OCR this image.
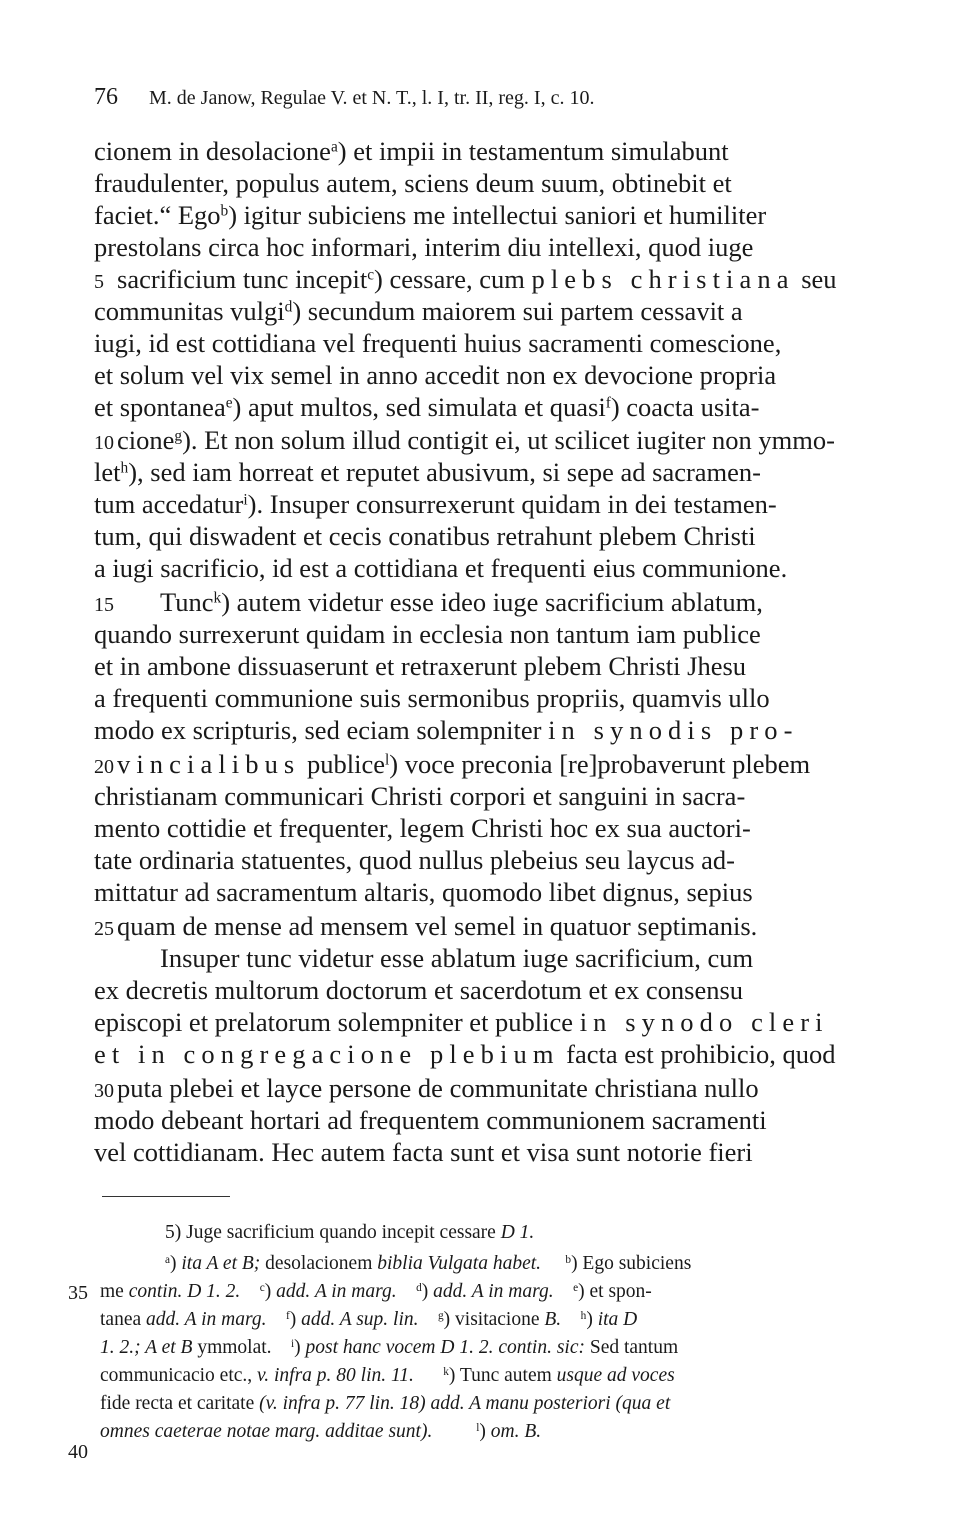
76 M. de Janow, Regulae V. et N. T., l. I, tr. II, reg. I, c. 10.
5
10
15
20
25
30
35
40
cionem in desolacione$^a$) et impii in testamentum simulabunt
fraudulenter, populus autem, sciens deum suum, obtinebit et
faciet.“ Ego$^b$) igitur subiciens me intellectui saniori et humiliter
prestolans circa hoc informari, interim diu intellexi, quod iuge
sacrificium tunc incepit$^c$) cessare, cum plebs christiana seu
communitas vulgi$^d$) secundum maiorem sui partem cessavit a
iugi, id est cottidiana vel frequenti huius sacramenti comescione,
et solum vel vix semel in anno accedit non ex devocione propria
et spontanea$^e$) aput multos, sed simulata et quasi$^f$) coacta usita-
cione$^g$). Et non solum illud contigit ei, ut scilicet iugiter non ymmo-
let$^h$), sed iam horreat et reputet abusivum, si sepe ad sacramen-
tum accedatur$^i$). Insuper consurrexerunt quidam in dei testamen-
tum, qui diswadent et cecis conatibus retrahunt plebem Christi
a iugi sacrificio, id est a cottidiana et frequenti eius communione.
Tunc$^k$) autem videtur esse ideo iuge sacrificium ablatum,
quando surrexerunt quidam in ecclesia non tantum iam publice
et in ambone dissuaserunt et retraxerunt plebem Christi Jhesu
a frequenti communione suis sermonibus propriis, quamvis ullo
modo ex scripturis, sed eciam solempniter in synodis pro-
vincialibus publice$^l$) voce preconia [re]probaverunt plebem
christianam communicari Christi corpori et sanguini in sacra-
mento cottidie et frequenter, legem Christi hoc ex sua auctori-
tate ordinaria statuentes, quod nullus plebeius seu laycus ad-
mittatur ad sacramentum altaris, quomodo libet dignus, sepius
quam de mense ad mensem vel semel in quatuor septimanis.
Insuper tunc videtur esse ablatum iuge sacrificium, cum
ex decretis multorum doctorum et sacerdotum et ex consensu
episcopi et prelatorum solempniter et publice in synodo cleri
et in congregacione plebium facta est prohibicio, quod
puta plebei et layce persone de communitate christiana nullo
modo debeant hortari ad frequentem communionem sacramenti
vel cottidianam. Hec autem facta sunt et visa sunt notorie fieri
5) Juge sacrificium quando incepit cessare D 1.
$^a$) ita A et B; desolacionem biblia Vulgata habet. $^b$) Ego subiciens
me contin. D 1. 2. $^c$) add. A in marg. $^d$) add. A in marg. $^e$) et spon-
tanea add. A in marg. $^f$) add. A sup. lin. $^g$) visitacione B. $^h$) ita D
1. 2.; A et B ymmolat. $^i$) post hanc vocem D 1. 2. contin. sic: Sed tantum
communicacio etc., v. infra p. 80 lin. 11.	$^k$) Tunc autem usque ad voces
fide recta et caritate (v. infra p. 77 lin. 18) add. A manu posteriori (qua et
omnes caeterae notae marg. additae sunt).	$^l$) om. B.
